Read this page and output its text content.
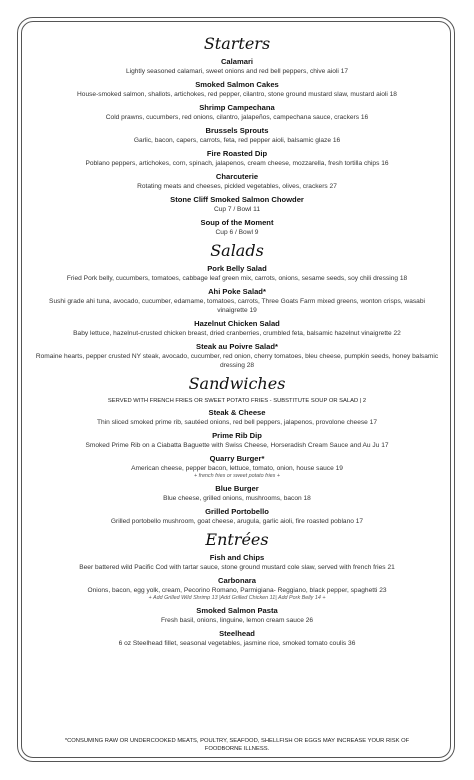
Starters
Calamari
Lightly seasoned calamari, sweet onions and red bell peppers, chive aioli 17
Smoked Salmon Cakes
House-smoked salmon, shallots, artichokes, red pepper, cilantro, stone ground mustard slaw, mustard aioli 18
Shrimp Campechana
Cold prawns, cucumbers, red onions, cilantro, jalapeños, campechana sauce, crackers 16
Brussels Sprouts
Garlic, bacon, capers, carrots, feta, red pepper aioli, balsamic glaze 16
Fire Roasted Dip
Poblano peppers, artichokes, corn, spinach, jalapenos, cream cheese, mozzarella, fresh tortilla chips 16
Charcuterie
Rotating meats and cheeses, pickled vegetables, olives, crackers 27
Stone Cliff Smoked Salmon Chowder
Cup 7 / Bowl 11
Soup of the Moment
Cup 6 / Bowl 9
Salads
Pork Belly Salad
Fried Pork belly, cucumbers, tomatoes, cabbage leaf green mix, carrots, onions, sesame seeds, soy chili dressing 18
Ahi Poke Salad*
Sushi grade ahi tuna, avocado, cucumber, edamame, tomatoes, carrots, Three Goats Farm mixed greens, wonton crisps, wasabi vinaigrette 19
Hazelnut Chicken Salad
Baby lettuce, hazelnut-crusted chicken breast, dried cranberries, crumbled feta, balsamic hazelnut vinaigrette 22
Steak au Poivre Salad*
Romaine hearts, pepper crusted NY steak, avocado, cucumber, red onion, cherry tomatoes, bleu cheese, pumpkin seeds, honey balsamic dressing 28
Sandwiches
SERVED WITH FRENCH FRIES OR SWEET POTATO FRIES - SUBSTITUTE SOUP OR SALAD | 2
Steak & Cheese
Thin sliced smoked prime rib, sautéed onions, red bell peppers, jalapenos, provolone cheese 17
Prime Rib Dip
Smoked Prime Rib on a Ciabatta Baguette with Swiss Cheese, Horseradish Cream Sauce and Au Ju 17
Quarry Burger*
American cheese, pepper bacon, lettuce, tomato, onion, house sauce 19
+ french fries or sweet potato fries +
Blue Burger
Blue cheese, grilled onions, mushrooms, bacon 18
Grilled Portobello
Grilled portobello mushroom, goat cheese, arugula, garlic aioli, fire roasted poblano 17
Entrées
Fish and Chips
Beer battered wild Pacific Cod with tartar sauce, stone ground mustard cole slaw, served with french fries 21
Carbonara
Onions, bacon, egg yolk, cream, Pecorino Romano, Parmigiana- Reggiano, black pepper, spaghetti 23
+ Add Grilled Wild Shrimp 13 |Add Grilled Chicken 11| Add Pork Belly 14 +
Smoked Salmon Pasta
Fresh basil, onions, linguine, lemon cream sauce 26
Steelhead
6 oz Steelhead fillet, seasonal vegetables, jasmine rice, smoked tomato coulis 36
*CONSUMING RAW OR UNDERCOOKED MEATS, POULTRY, SEAFOOD, SHELLFISH OR EGGS MAY INCREASE YOUR RISK OF FOODBORNE ILLNESS.
